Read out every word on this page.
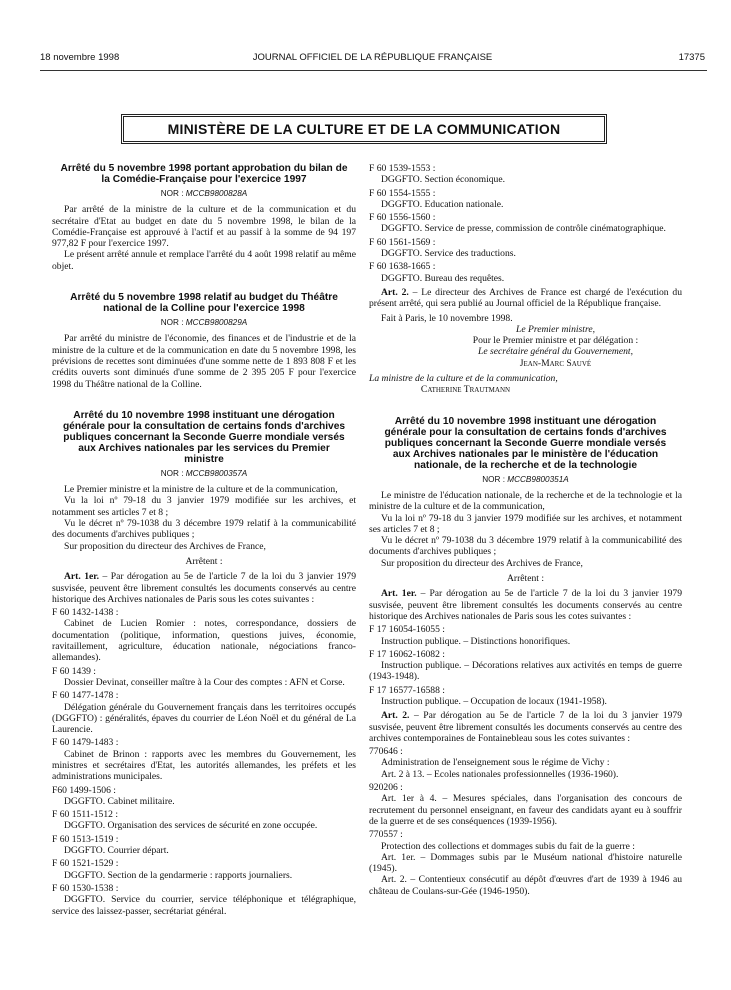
18 novembre 1998	JOURNAL OFFICIEL DE LA RÉPUBLIQUE FRANÇAISE	17375
MINISTÈRE DE LA CULTURE ET DE LA COMMUNICATION
Arrêté du 5 novembre 1998 portant approbation du bilan de la Comédie-Française pour l'exercice 1997
NOR : MCCB9800828A

Par arrêté de la ministre de la culture et de la communication et du secrétaire d'Etat au budget en date du 5 novembre 1998, le bilan de la Comédie-Française est approuvé à l'actif et au passif à la somme de 94 197 977,82 F pour l'exercice 1997.

Le présent arrêté annule et remplace l'arrêté du 4 août 1998 relatif au même objet.

Arrêté du 5 novembre 1998 relatif au budget du Théâtre national de la Colline pour l'exercice 1998
NOR : MCCB9800829A

Par arrêté du ministre de l'économie, des finances et de l'industrie et de la ministre de la culture et de la communication en date du 5 novembre 1998, les prévisions de recettes sont diminuées d'une somme nette de 1 893 808 F et les crédits ouverts sont diminués d'une somme de 2 395 205 F pour l'exercice 1998 du Théâtre national de la Colline.

Arrêté du 10 novembre 1998 instituant une dérogation générale pour la consultation de certains fonds d'archives publiques concernant la Seconde Guerre mondiale versés aux Archives nationales par les services du Premier ministre
NOR : MCCB9800357A

Le Premier ministre et la ministre de la culture et de la communication,

Vu la loi nº 79-18 du 3 janvier 1979 modifiée sur les archives, et notamment ses articles 7 et 8 ;

Vu le décret nº 79-1038 du 3 décembre 1979 relatif à la communicabilité des documents d'archives publiques ;

Sur proposition du directeur des Archives de France,

Arrêtent :

Art. 1er. – Par dérogation au 5e de l'article 7 de la loi du 3 janvier 1979 susvisée, peuvent être librement consultés les documents conservés au centre historique des Archives nationales de Paris sous les cotes suivantes :

F 60 1432-1438 :

Cabinet de Lucien Romier : notes, correspondance, dossiers de documentation (politique, information, questions juives, économie, ravitaillement, agriculture, éducation nationale, négociations franco-allemandes).

F 60 1439 :

Dossier Devinat, conseiller maître à la Cour des comptes : AFN et Corse.

F 60 1477-1478 :

Délégation générale du Gouvernement français dans les territoires occupés (DGGFTO) : généralités, épaves du courrier de Léon Noël et du général de La Laurencie.

F 60 1479-1483 :

Cabinet de Brinon : rapports avec les membres du Gouvernement, les ministres et secrétaires d'Etat, les autorités allemandes, les préfets et les administrations municipales.

F60 1499-1506 :

DGGFTO. Cabinet militaire.

F 60 1511-1512 :

DGGFTO. Organisation des services de sécurité en zone occupée.

F 60 1513-1519 :

DGGFTO. Courrier départ.

F 60 1521-1529 :

DGGFTO. Section de la gendarmerie : rapports journaliers.

F 60 1530-1538 :

DGGFTO. Service du courrier, service téléphonique et télégraphique, service des laissez-passer, secrétariat général.

F 60 1539-1553 :

DGGFTO. Section économique.

F 60 1554-1555 :

DGGFTO. Education nationale.

F 60 1556-1560 :

DGGFTO. Service de presse, commission de contrôle cinématographique.

F 60 1561-1569 :

DGGFTO. Service des traductions.

F 60 1638-1665 :

DGGFTO. Bureau des requêtes.

Art. 2. – Le directeur des Archives de France est chargé de l'exécution du présent arrêté, qui sera publié au Journal officiel de la République française.

Fait à Paris, le 10 novembre 1998.

Le Premier ministre,

Pour le Premier ministre et par délégation :

Le secrétaire général du Gouvernement,

Jean-Marc Sauvé

La ministre de la culture et de la communication,

Catherine Trautmann

Arrêté du 10 novembre 1998 instituant une dérogation générale pour la consultation de certains fonds d'archives publiques concernant la Seconde Guerre mondiale versés aux Archives nationales par le ministère de l'éducation nationale, de la recherche et de la technologie
NOR : MCCB9800351A

Le ministre de l'éducation nationale, de la recherche et de la technologie et la ministre de la culture et de la communication,

Vu la loi nº 79-18 du 3 janvier 1979 modifiée sur les archives, et notamment ses articles 7 et 8 ;

Vu le décret nº 79-1038 du 3 décembre 1979 relatif à la communicabilité des documents d'archives publiques ;

Sur proposition du directeur des Archives de France,

Arrêtent :

Art. 1er. – Par dérogation au 5e de l'article 7 de la loi du 3 janvier 1979 susvisée, peuvent être librement consultés les documents conservés au centre historique des Archives nationales de Paris sous les cotes suivantes :

F 17 16054-16055 :

Instruction publique. – Distinctions honorifiques.

F 17 16062-16082 :

Instruction publique. – Décorations relatives aux activités en temps de guerre (1943-1948).

F 17 16577-16588 :

Instruction publique. – Occupation de locaux (1941-1958).

Art. 2. – Par dérogation au 5e de l'article 7 de la loi du 3 janvier 1979 susvisée, peuvent être librement consultés les documents conservés au centre des archives contemporaines de Fontainebleau sous les cotes suivantes :

770646 :

Administration de l'enseignement sous le régime de Vichy :

Art. 2 à 13. – Ecoles nationales professionnelles (1936-1960).

920206 :

Art. 1er à 4. – Mesures spéciales, dans l'organisation des concours de recrutement du personnel enseignant, en faveur des candidats ayant eu à souffrir de la guerre et de ses conséquences (1939-1956).

770557 :

Protection des collections et dommages subis du fait de la guerre :

Art. 1er. – Dommages subis par le Muséum national d'histoire naturelle (1945).

Art. 2. – Contentieux consécutif au dépôt d'œuvres d'art de 1939 à 1946 au château de Coulans-sur-Gée (1946-1950).
